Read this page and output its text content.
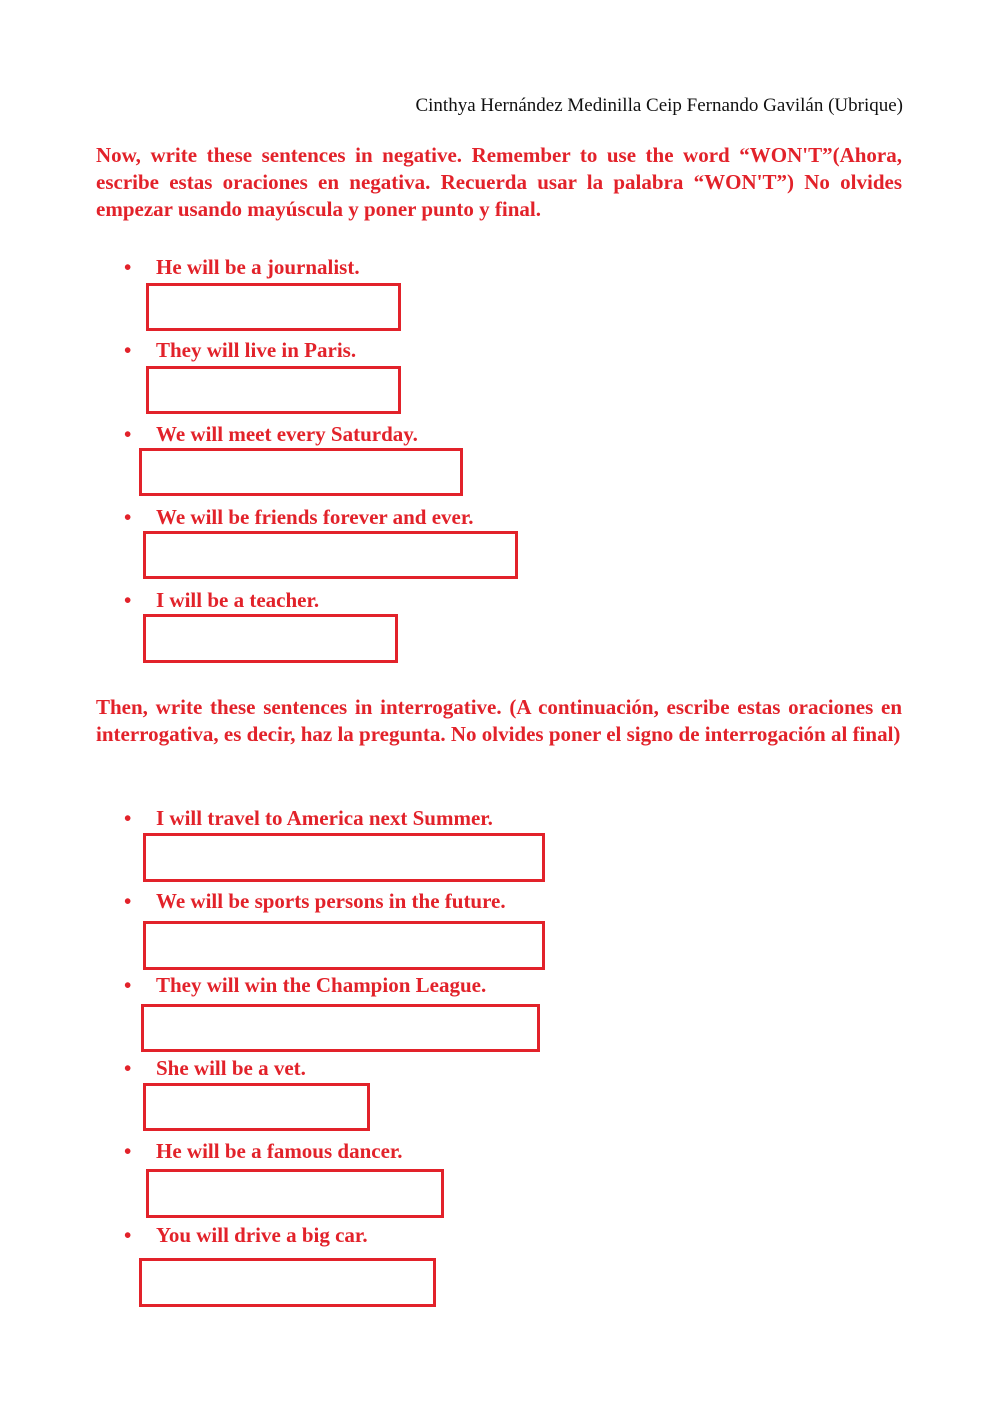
Cinthya Hernández Medinilla Ceip Fernando Gavilán (Ubrique)

Now, write these sentences in negative. Remember to use the word “WON'T”(Ahora, escribe estas oraciones en negativa. Recuerda usar la palabra “WON'T”) No olvides empezar usando mayúscula y poner punto y final.

• He will be a journalist.
• They will live in Paris.
• We will meet every Saturday.
• We will be friends forever and ever.
• I will be a teacher.

Then, write these sentences in interrogative. (A continuación, escribe estas oraciones en interrogativa, es decir, haz la pregunta. No olvides poner el signo de interrogación al final)

• I will travel to America next Summer.
• We will be sports persons in the future.
• They will win the Champion League.
• She will be a vet.
• He will be a famous dancer.
• You will drive a big car.
